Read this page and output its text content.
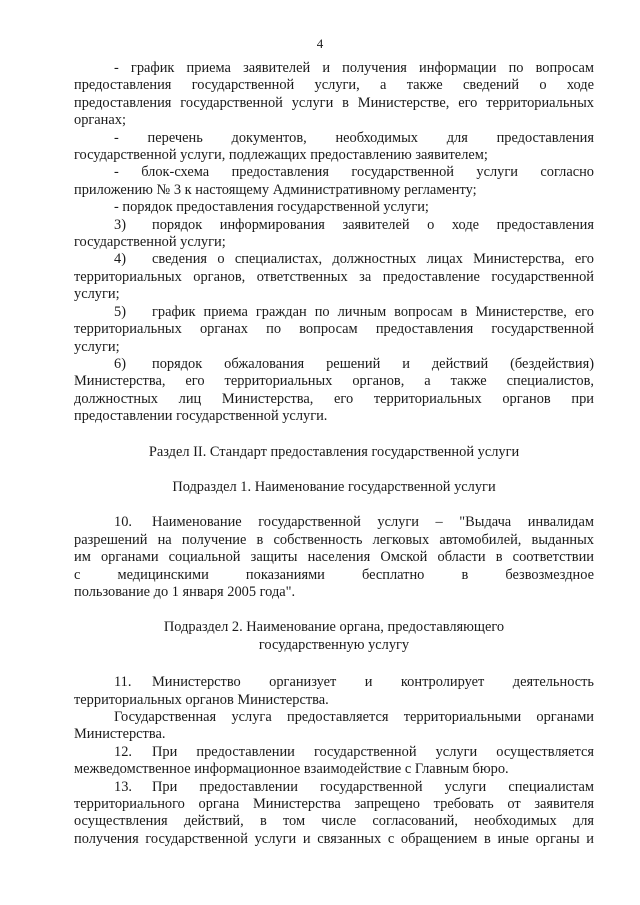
4
- график приема заявителей и получения информации по вопросам
предоставления государственной услуги, а также сведений о ходе
предоставления государственной услуги в Министерстве, его территориальных
органах;
- перечень документов, необходимых для предоставления
государственной услуги, подлежащих предоставлению заявителем;
- блок-схема предоставления государственной услуги согласно
приложению № 3 к настоящему Административному регламенту;
- порядок предоставления государственной услуги;
3)	порядок информирования заявителей о ходе предоставления
государственной услуги;
4)	сведения о специалистах, должностных лицах Министерства, его
территориальных органов, ответственных за предоставление государственной
услуги;
5)	график приема граждан по личным вопросам в Министерстве, его
территориальных органах по вопросам предоставления государственной
услуги;
6)	порядок обжалования решений и действий (бездействия)
Министерства, его территориальных органов, а также специалистов,
должностных лиц Министерства, его территориальных органов при
предоставлении государственной услуги.
Раздел II. Стандарт предоставления государственной услуги
Подраздел 1. Наименование государственной услуги
10.	Наименование государственной услуги – "Выдача инвалидам
разрешений на получение в собственность легковых автомобилей, выданных
им органами социальной защиты населения Омской области в соответствии
с медицинскими показаниями бесплатно в безвозмездное
пользование до 1 января 2005 года".
Подраздел 2. Наименование органа, предоставляющего
государственную услугу
11.	Министерство организует и контролирует деятельность
территориальных органов Министерства.
Государственная услуга предоставляется территориальными органами
Министерства.
12.	При предоставлении государственной услуги осуществляется
межведомственное информационное взаимодействие с Главным бюро.
13.	При предоставлении государственной услуги специалистам
территориального органа Министерства запрещено требовать от заявителя
осуществления действий, в том числе согласований, необходимых для
получения государственной услуги и связанных с обращением в иные органы и
